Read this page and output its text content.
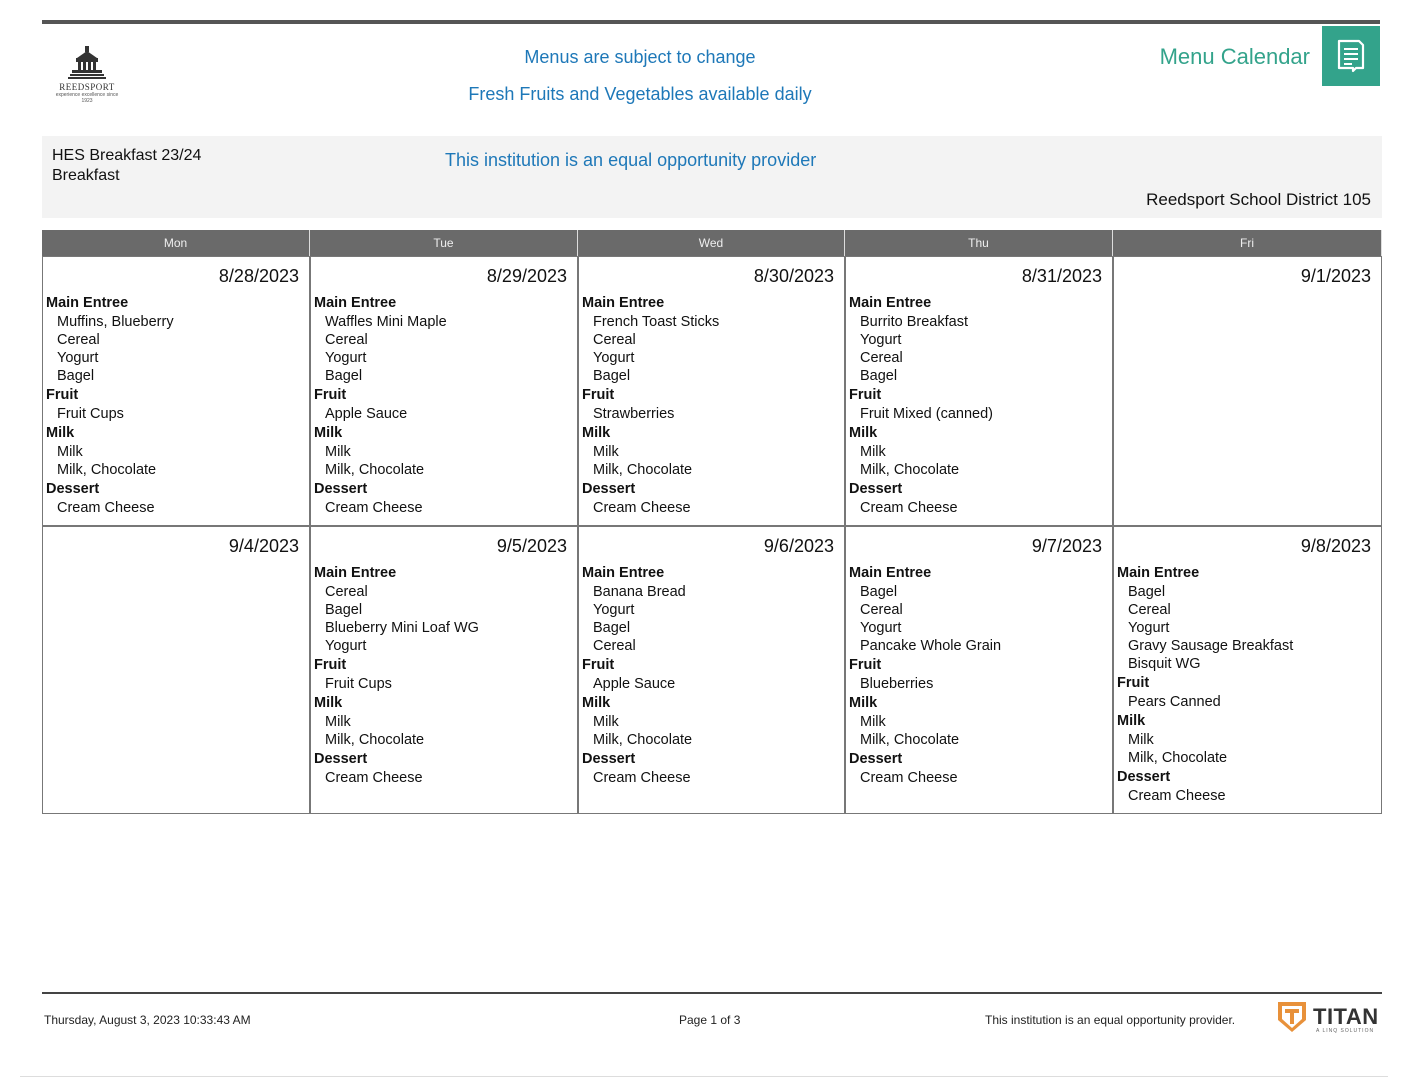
REEDSPORT
experience excellence since 1923
Menus are subject to change
Fresh Fruits and Vegetables available daily
Menu Calendar
HES Breakfast 23/24
Breakfast
This institution is an equal opportunity provider
Reedsport School District 105
Mon	Tue	Wed	Thu	Fri
8/28/2023
Main Entree
Muffins, Blueberry
Cereal
Yogurt
Bagel
Fruit
Fruit Cups
Milk
Milk
Milk, Chocolate
Dessert
Cream Cheese
8/29/2023
Main Entree
Waffles Mini Maple
Cereal
Yogurt
Bagel
Fruit
Apple Sauce
Milk
Milk
Milk, Chocolate
Dessert
Cream Cheese
8/30/2023
Main Entree
French Toast Sticks
Cereal
Yogurt
Bagel
Fruit
Strawberries
Milk
Milk
Milk, Chocolate
Dessert
Cream Cheese
8/31/2023
Main Entree
Burrito Breakfast
Yogurt
Cereal
Bagel
Fruit
Fruit Mixed (canned)
Milk
Milk
Milk, Chocolate
Dessert
Cream Cheese
9/1/2023
9/4/2023	9/5/2023
Main Entree
Cereal
Bagel
Blueberry Mini Loaf WG
Yogurt
Fruit
Fruit Cups
Milk
Milk
Milk, Chocolate
Dessert
Cream Cheese
9/6/2023
Main Entree
Banana Bread
Yogurt
Bagel
Cereal
Fruit
Apple Sauce
Milk
Milk
Milk, Chocolate
Dessert
Cream Cheese
9/7/2023
Main Entree
Bagel
Cereal
Yogurt
Pancake Whole Grain
Fruit
Blueberries
Milk
Milk
Milk, Chocolate
Dessert
Cream Cheese
9/8/2023
Main Entree
Bagel
Cereal
Yogurt
Gravy Sausage Breakfast
Bisquit WG
Fruit
Pears Canned
Milk
Milk
Milk, Chocolate
Dessert
Cream Cheese
Thursday, August 3, 2023 10:33:43 AM	Page 1 of 3	This institution is an equal opportunity provider.	TITAN
A LINQ SOLUTION
